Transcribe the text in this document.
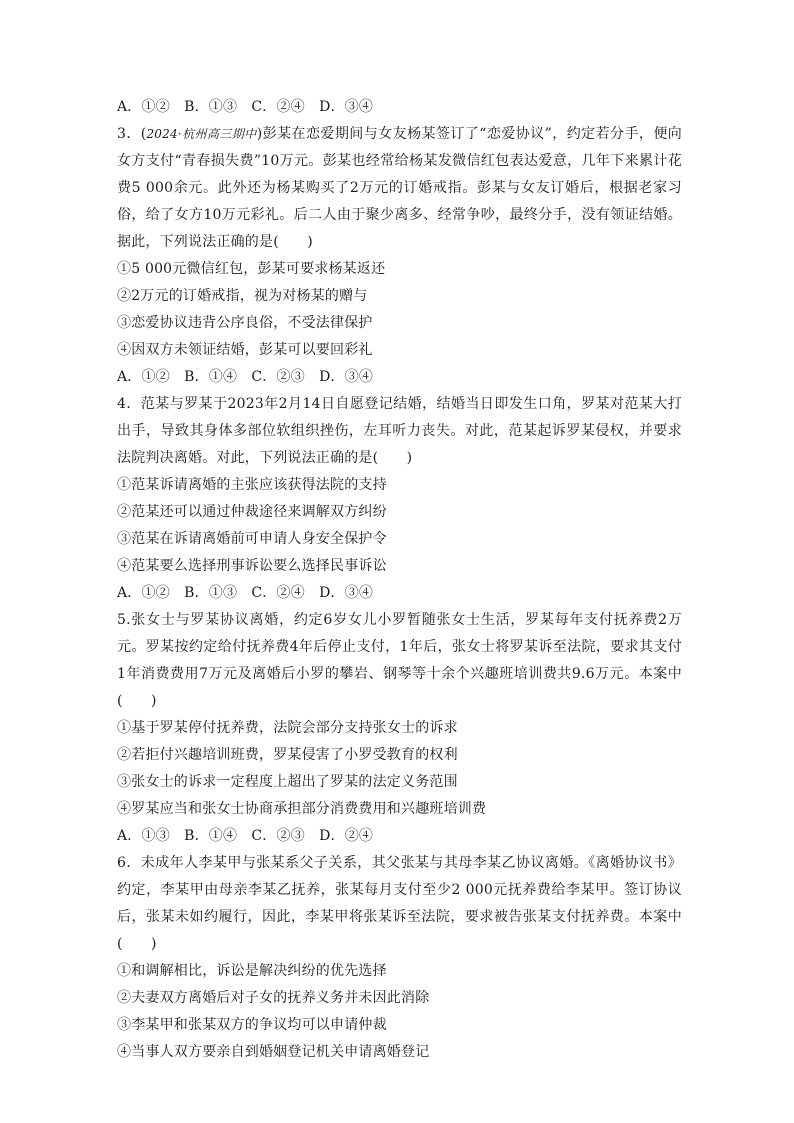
A．①②　B．①③　C．②④　D．③④
3．(2024·杭州高三期中)彭某在恋爱期间与女友杨某签订了“恋爱协议”，约定若分手，便向女方支付“青春损失费”10万元。彭某也经常给杨某发微信红包表达爱意，几年下来累计花费5 000余元。此外还为杨某购买了2万元的订婚戒指。彭某与女友订婚后，根据老家习俗，给了女方10万元彩礼。后二人由于聚少离多、经常争吵，最终分手，没有领证结婚。据此，下列说法正确的是(　　)
①5 000元微信红包，彭某可要求杨某返还
②2万元的订婚戒指，视为对杨某的赠与
③恋爱协议违背公序良俗，不受法律保护
④因双方未领证结婚，彭某可以要回彩礼
A．①②　B．①④　C．②③　D．③④
4．范某与罗某于2023年2月14日自愿登记结婚，结婚当日即发生口角，罗某对范某大打出手，导致其身体多部位软组织挫伤，左耳听力丧失。对此，范某起诉罗某侵权，并要求法院判决离婚。对此，下列说法正确的是(　　)
①范某诉请离婚的主张应该获得法院的支持
②范某还可以通过仲裁途径来调解双方纠纷
③范某在诉请离婚前可申请人身安全保护令
④范某要么选择刑事诉讼要么选择民事诉讼
A．①②　B．①③　C．②④　D．③④
5.张女士与罗某协议离婚，约定6岁女儿小罗暂随张女士生活，罗某每年支付抚养费2万元。罗某按约定给付抚养费4年后停止支付，1年后，张女士将罗某诉至法院，要求其支付1年消费费用7万元及离婚后小罗的攀岩、钢琴等十余个兴趣班培训费共9.6万元。本案中(　　)
①基于罗某停付抚养费，法院会部分支持张女士的诉求
②若拒付兴趣培训班费，罗某侵害了小罗受教育的权利
③张女士的诉求一定程度上超出了罗某的法定义务范围
④罗某应当和张女士协商承担部分消费费用和兴趣班培训费
A．①③　B．①④　C．②③　D．②④
6．未成年人李某甲与张某系父子关系，其父张某与其母李某乙协议离婚。《离婚协议书》约定，李某甲由母亲李某乙抚养，张某每月支付至少2 000元抚养费给李某甲。签订协议后，张某未如约履行，因此，李某甲将张某诉至法院，要求被告张某支付抚养费。本案中(　　)
①和调解相比，诉讼是解决纠纷的优先选择
②夫妻双方离婚后对子女的抚养义务并未因此消除
③李某甲和张某双方的争议均可以申请仲裁
④当事人双方要亲自到婚姻登记机关申请离婚登记
